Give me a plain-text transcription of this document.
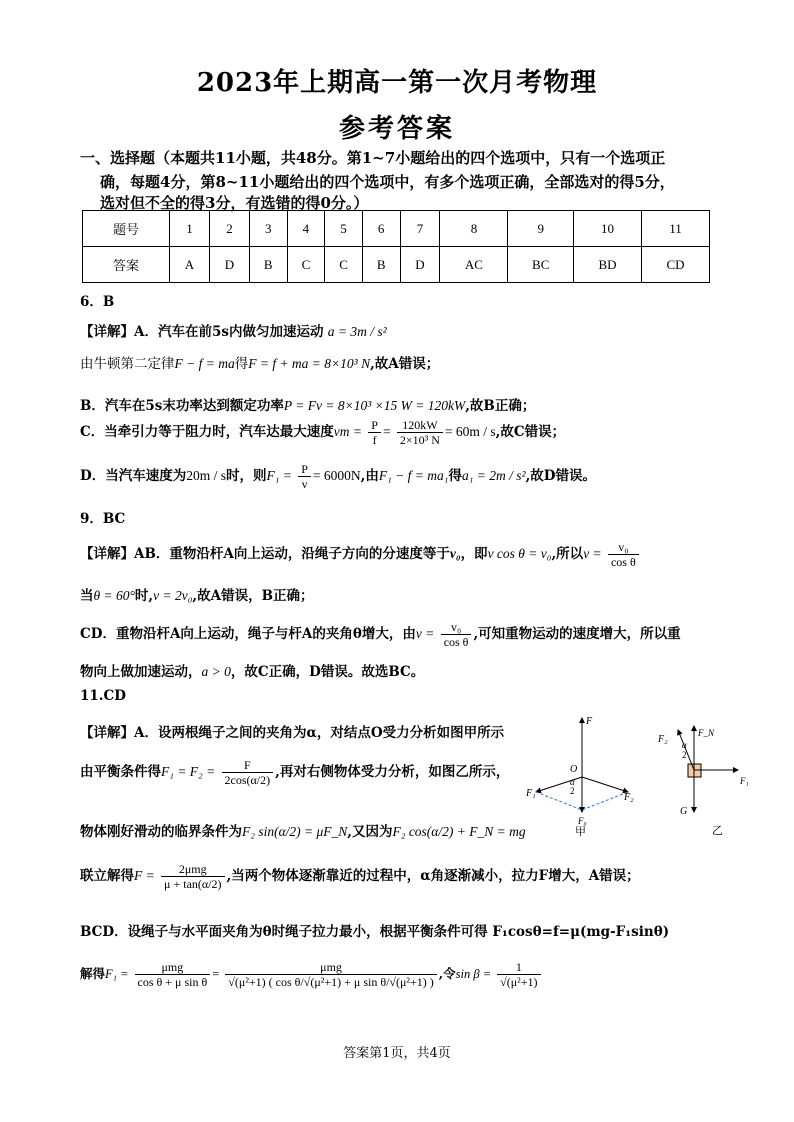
2023年上期高一第一次月考物理
参考答案
一、选择题（本题共11小题，共48分。第1~7小题给出的四个选项中，只有一个选项正
确，每题4分，第8~11小题给出的四个选项中，有多个选项正确，全部选对的得5分，
选对但不全的得3分，有选错的得0分。）
题号	1	2	3	4	5	6	7	8	9	10	11
答案	A	D	B	C	C	B	D	AC	BC	BD	CD
6．B
【详解】A．汽车在前5s内做匀加速运动 a = 3m / s²
由牛顿第二定律F − f = ma得F = f + ma = 8×10³ N,故A错误；
B．汽车在5s末功率达到额定功率P = Fv = 8×10³ ×15 W = 120kW,故B正确；
C．当牵引力等于阻力时，汽车达最大速度vm = $\frac{P}{f} = \frac{120kW}{\text{2×10³ N}} = 60m / s$,故C错误；
D．当汽车速度为20m / s时，则$F_1 = \frac{P}{v} = 6000N$,由F₁ − f = ma₁得a₁ = 2m / s²,故D错误。
9．BC
【详解】AB．重物沿杆A向上运动，沿绳子方向的分速度等于v₀，即v cos θ = v₀,所以$v = \frac{\text{v₀}}{\text{cos θ}}$
当θ = 60°时,v = 2v₀,故A错误，B正确；
CD．重物沿杆A向上运动，绳子与杆A的夹角θ增大，由$v = \frac{\text{v₀}}{\text{cos θ}}$ ,可知重物运动的速度增大，所以重
物向上做加速运动，a > 0，故C正确，D错误。故选BC。
11.CD
【详解】A．设两根绳子之间的夹角为α，对结点O受力分析如图甲所示
由平衡条件得$F_1 = F_2 = \frac{F}{2\cos(\alpha/2)}$ ,再对右侧物体受力分析，如图乙所示，
物体刚好滑动的临界条件为F₂ sin(α/2) = μF_N,又因为F₂ cos(α/2) + F_N = mg
联立解得$F = \frac{\text{2μmg}}{\mu + \tan(\alpha/2)}$ ,当两个物体逐渐靠近的过程中，α角逐渐减小，拉力F增大，A错误；
BCD．设绳子与水平面夹角为θ时绳子拉力最小，根据平衡条件可得 F₁cosθ=f=μ(mg-F₁sinθ)
解得$F_1 = \frac{\text{μmg}}{\text{cos θ + μ sin θ}} = \frac{\text{μmg}}{\text{√(μ²+1) ( cos θ/√(μ²+1) + μ sin θ/√(μ²+1) )}}$ ,令$\sin \beta = \frac{1}{\text{√(μ²+1)}}$
F
O
α
2
F₁	F₂
F₀
甲
F₂ α
2
F_N
F₁
G
乙
答案第1页，共4页
